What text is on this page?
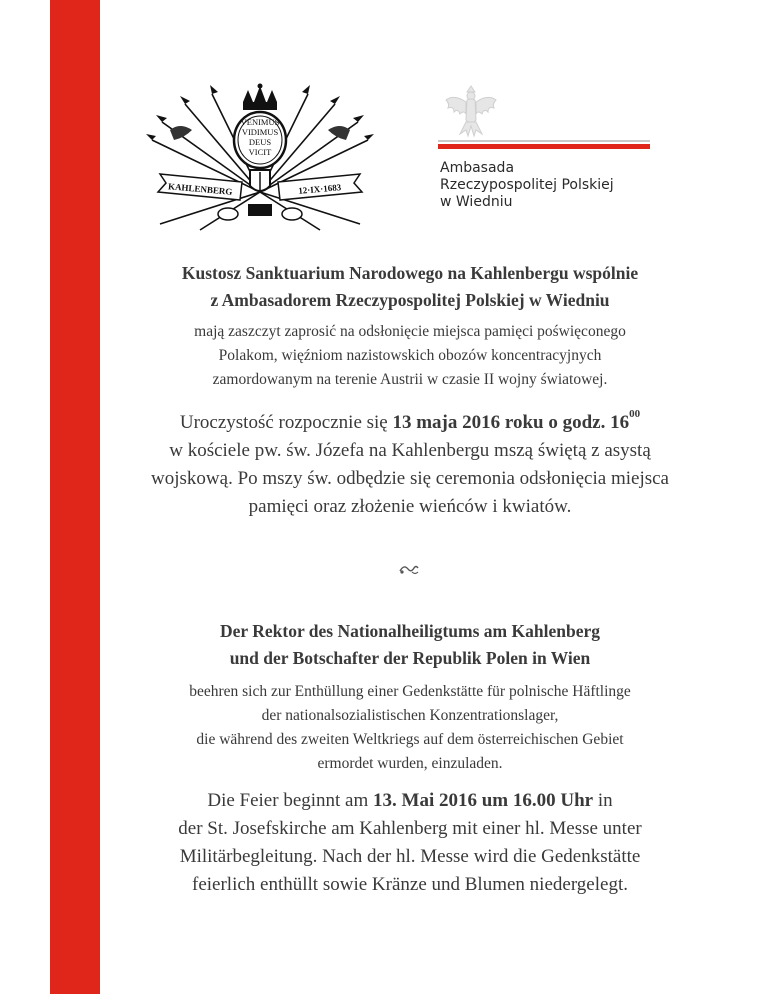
VENIMUS
VIDIMUS
DEUS
VICIT
KAHLENBERG	12·IX·1683
Ambasada
Rzeczypospolitej Polskiej
w Wiedniu
Kustosz Sanktuarium Narodowego na Kahlenbergu wspólnie
z Ambasadorem Rzeczypospolitej Polskiej w Wiedniu
mają zaszczyt zaprosić na odsłonięcie miejsca pamięci poświęconego
Polakom, więźniom nazistowskich obozów koncentracyjnych
zamordowanym na terenie Austrii w czasie II wojny światowej.
Uroczystość rozpocznie się 13 maja 2016 roku o godz. $16^{00}$
w kościele pw. św. Józefa na Kahlenbergu mszą świętą z asystą
wojskową. Po mszy św. odbędzie się ceremonia odsłonięcia miejsca
pamięci oraz złożenie wieńców i kwiatów.
Der Rektor des Nationalheiligtums am Kahlenberg
und der Botschafter der Republik Polen in Wien
beehren sich zur Enthüllung einer Gedenkstätte für polnische Häftlinge
der nationalsozialistischen Konzentrationslager,
die während des zweiten Weltkriegs auf dem österreichischen Gebiet
ermordet wurden, einzuladen.
Die Feier beginnt am 13. Mai 2016 um 16.00 Uhr in
der St. Josefskirche am Kahlenberg mit einer hl. Messe unter
Militärbegleitung. Nach der hl. Messe wird die Gedenkstätte
feierlich enthüllt sowie Kränze und Blumen niedergelegt.
